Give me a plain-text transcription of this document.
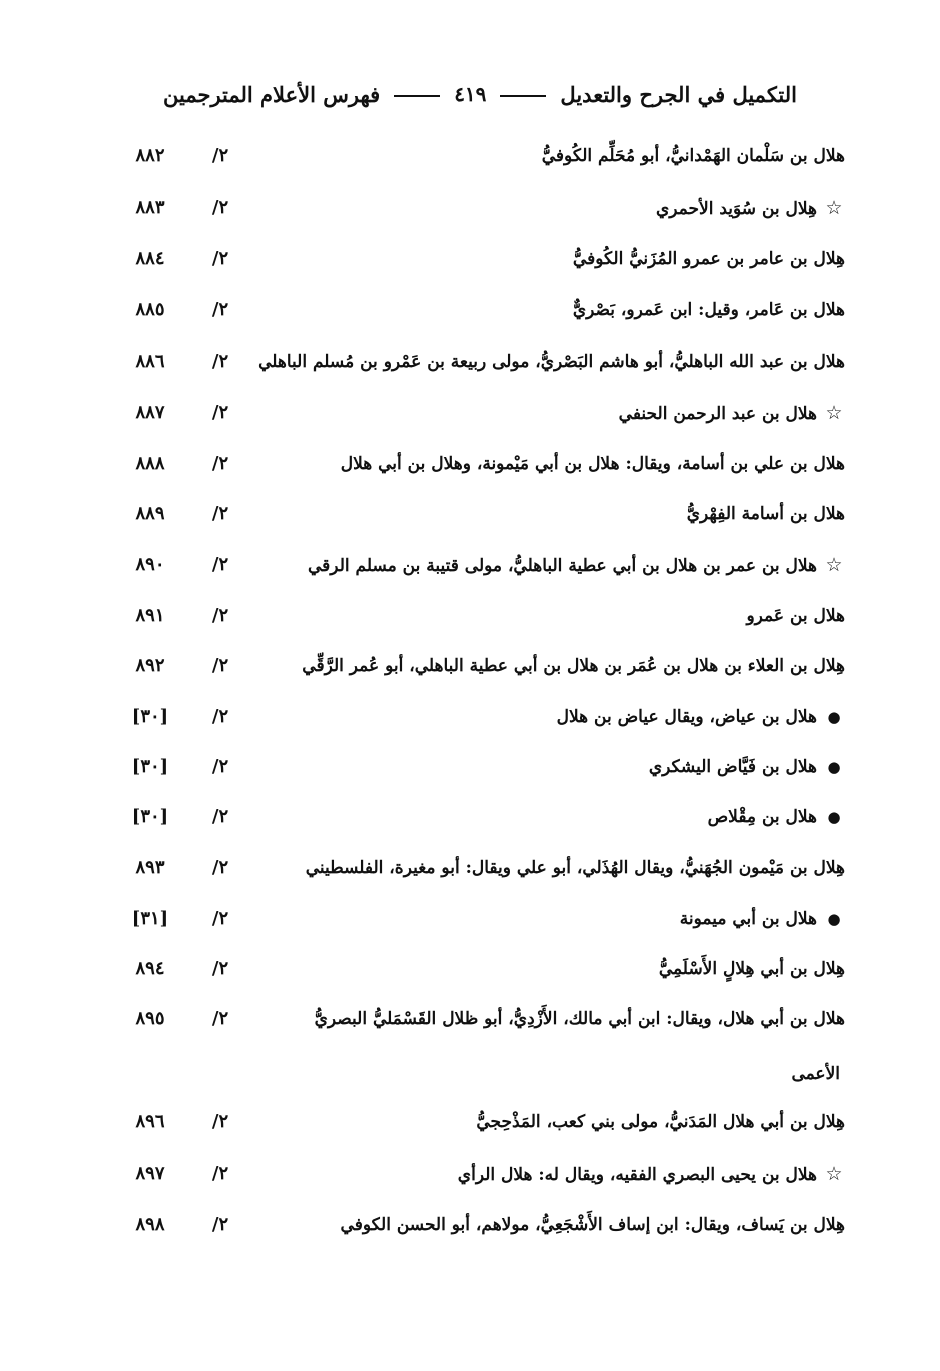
التكميل في الجرح والتعديل
٤١٩
فهرس الأعلام المترجمين
هلال بن سَلْمان الهَمْدانيُّ، أبو مُحَلِّم الكُوفيُّ
٢/
٨٨٢
☆هِلال بن سُوَيد الأحمري
٢/
٨٨٣
هِلال بن عامر بن عمرو المُزَنيُّ الكُوفيُّ
٢/
٨٨٤
هلال بن عَامر، وقيل: ابن عَمرو، بَصْريٌّ
٢/
٨٨٥
هلال بن عبد الله الباهليُّ، أبو هاشم البَصْريُّ، مولى ربيعة بن عَمْرو بن مُسلم الباهلي
٢/
٨٨٦
☆هلال بن عبد الرحمن الحنفي
٢/
٨٨٧
هلال بن علي بن أسامة، ويقال: هلال بن أبي مَيْمونة، وهلال بن أبي هلال
٢/
٨٨٨
هلال بن أسامة الفِهْريُّ
٢/
٨٨٩
☆هلال بن عمر بن هلال بن أبي عطية الباهليُّ، مولى قتيبة بن مسلم الرقي
٢/
٨٩٠
هلال بن عَمرو
٢/
٨٩١
هِلال بن العلاء بن هلال بن عُمَر بن هلال بن أبي عطية الباهلي، أبو عُمر الرَّقِّي
٢/
٨٩٢
●هلال بن عياض، ويقال عياض بن هلال
٢/
[٣٠]
●هلال بن فَيَّاض اليشكري
٢/
[٣٠]
●هلال بن مِقْلاص
٢/
[٣٠]
هِلال بن مَيْمون الجُهَنيُّ، ويقال الهُذَلي، أبو علي ويقال: أبو مغيرة، الفلسطيني
٢/
٨٩٣
●هلال بن أبي ميمونة
٢/
[٣١]
هِلال بن أبي هِلالٍ الأَسْلَمِيُّ
٢/
٨٩٤
هلال بن أبي هلال، ويقال: ابن أبي مالك، الأَزْدِيُّ، أبو ظلال القَسْمَليُّ البصريُّ
٢/
٨٩٥
الأعمى
هِلال بن أبي هلال المَدَنيُّ، مولى بني كعب، المَذْحِجيُّ
٢/
٨٩٦
☆هلال بن يحيى البصري الفقيه، ويقال له: هلال الرأي
٢/
٨٩٧
هِلال بن يَساف، ويقال: ابن إساف الأَشْجَعِيُّ، مولاهم، أبو الحسن الكوفي
٢/
٨٩٨
